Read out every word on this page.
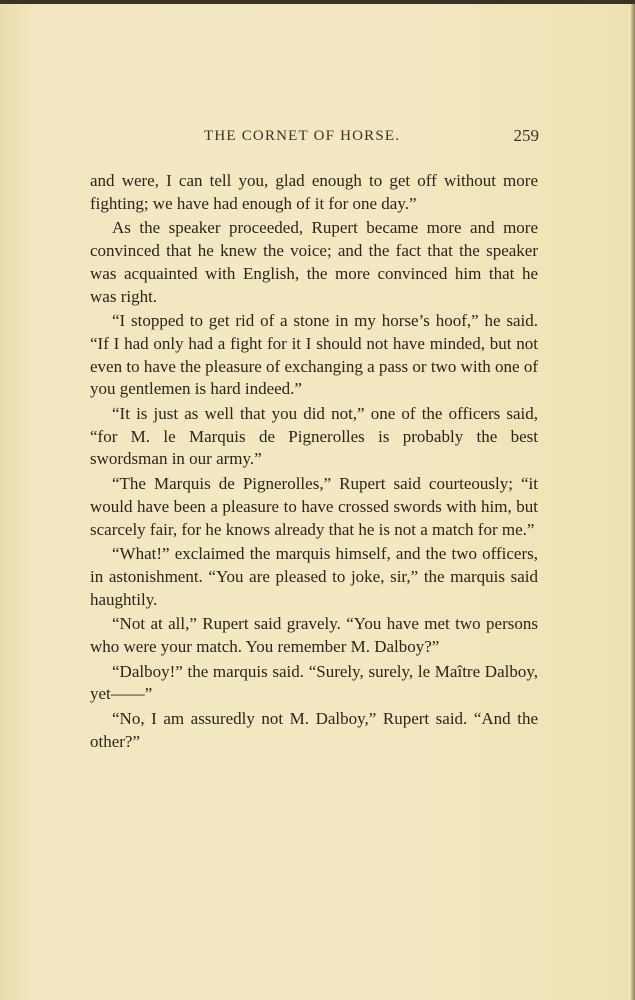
THE CORNET OF HORSE.	259

and were, I can tell you, glad enough to get off without more fighting; we have had enough of it for one day.”

As the speaker proceeded, Rupert became more and more convinced that he knew the voice; and the fact that the speaker was acquainted with English, the more convinced him that he was right.

“I stopped to get rid of a stone in my horse’s hoof,” he said. “If I had only had a fight for it I should not have minded, but not even to have the pleasure of exchanging a pass or two with one of you gentlemen is hard indeed.”

“It is just as well that you did not,” one of the officers said, “for M. le Marquis de Pignerolles is probably the best swordsman in our army.”

“The Marquis de Pignerolles,” Rupert said courteously; “it would have been a pleasure to have crossed swords with him, but scarcely fair, for he knows already that he is not a match for me.”

“What!” exclaimed the marquis himself, and the two officers, in astonishment. “You are pleased to joke, sir,” the marquis said haughtily.

“Not at all,” Rupert said gravely. “You have met two persons who were your match. You remember M. Dalboy?”

“Dalboy!” the marquis said. “Surely, surely, le Maître Dalboy, yet——”

“No, I am assuredly not M. Dalboy,” Rupert said. “And the other?”
